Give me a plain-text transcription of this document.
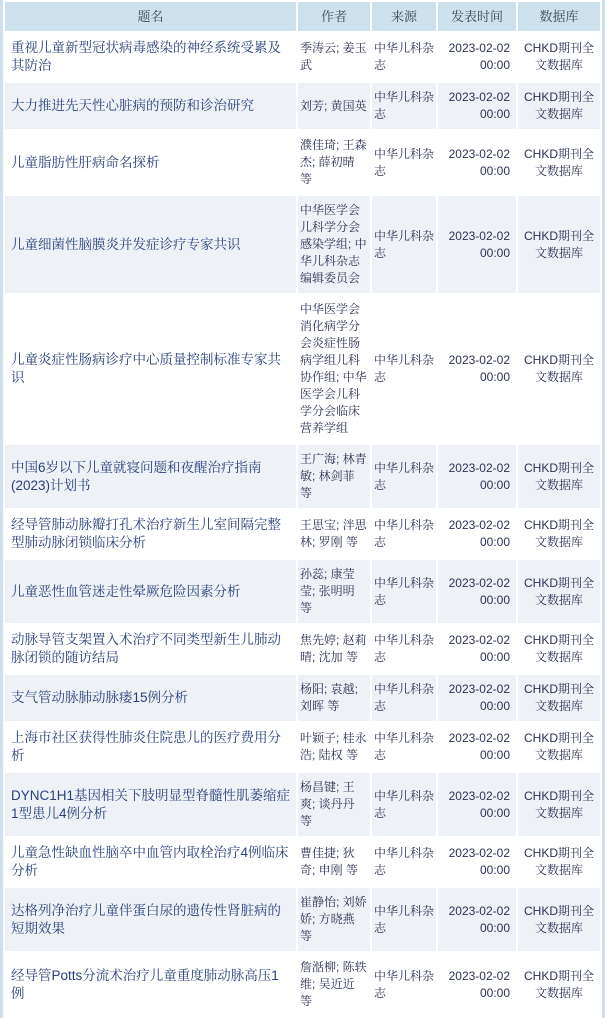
题名	作者	来源	发表时间	数据库
重视儿童新型冠状病毒感染的神经系统受累及其防治	季涛云; 姜玉武	中华儿科杂志	2023-02-02 00:00	CHKD期刊全文数据库
大力推进先天性心脏病的预防和诊治研究	刘芳; 黄国英	中华儿科杂志	2023-02-02 00:00	CHKD期刊全文数据库
儿童脂肪性肝病命名探析	濮佳琦; 王森杰; 薛初晴 等	中华儿科杂志	2023-02-02 00:00	CHKD期刊全文数据库
儿童细菌性脑膜炎并发症诊疗专家共识	中华医学会儿科学分会感染学组; 中华儿科杂志编辑委员会	中华儿科杂志	2023-02-02 00:00	CHKD期刊全文数据库
儿童炎症性肠病诊疗中心质量控制标准专家共识	中华医学会消化病学分会炎症性肠病学组儿科协作组; 中华医学会儿科学分会临床营养学组	中华儿科杂志	2023-02-02 00:00	CHKD期刊全文数据库
中国6岁以下儿童就寝问题和夜醒治疗指南(2023)计划书	王广海; 林青敏; 林剑菲 等	中华儿科杂志	2023-02-02 00:00	CHKD期刊全文数据库
经导管肺动脉瓣打孔术治疗新生儿室间隔完整型肺动脉闭锁临床分析	王思宝; 泮思林; 罗刚 等	中华儿科杂志	2023-02-02 00:00	CHKD期刊全文数据库
儿童恶性血管迷走性晕厥危险因素分析	孙蕊; 康莹莹; 张明明 等	中华儿科杂志	2023-02-02 00:00	CHKD期刊全文数据库
动脉导管支架置入术治疗不同类型新生儿肺动脉闭锁的随访结局	焦先婷; 赵莉晴; 沈加 等	中华儿科杂志	2023-02-02 00:00	CHKD期刊全文数据库
支气管动脉肺动脉瘘15例分析	杨阳; 袁越; 刘晖 等	中华儿科杂志	2023-02-02 00:00	CHKD期刊全文数据库
上海市社区获得性肺炎住院患儿的医疗费用分析	叶颖子; 桂永浩; 陆权 等	中华儿科杂志	2023-02-02 00:00	CHKD期刊全文数据库
DYNC1H1基因相关下肢明显型脊髓性肌萎缩症1型患儿4例分析	杨昌键; 王爽; 谈丹丹 等	中华儿科杂志	2023-02-02 00:00	CHKD期刊全文数据库
儿童急性缺血性脑卒中血管内取栓治疗4例临床分析	曹佳捷; 狄奇; 申刚 等	中华儿科杂志	2023-02-02 00:00	CHKD期刊全文数据库
达格列净治疗儿童伴蛋白尿的遗传性肾脏病的短期效果	崔静怡; 刘娇娇; 方晓燕 等	中华儿科杂志	2023-02-02 00:00	CHKD期刊全文数据库
经导管Potts分流术治疗儿童重度肺动脉高压1例	詹湉柳; 陈轶维; 吴近近 等	中华儿科杂志	2023-02-02 00:00	CHKD期刊全文数据库
